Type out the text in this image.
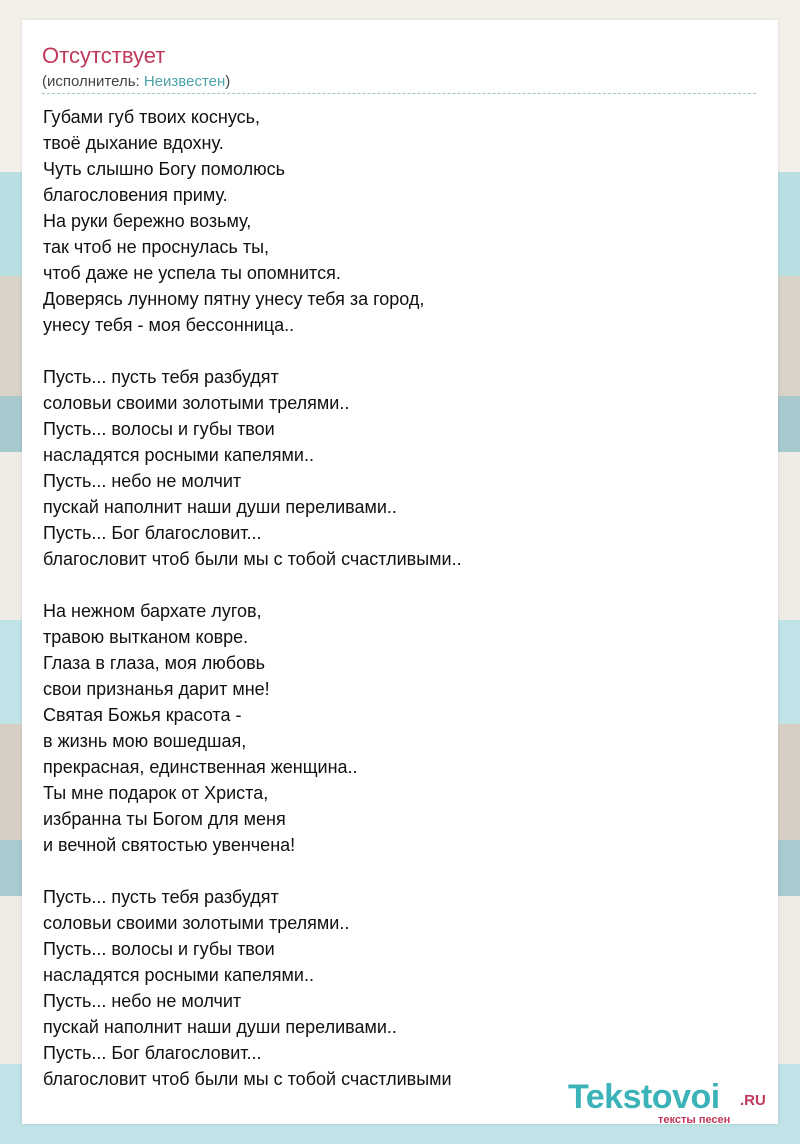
Отсутствует
(исполнитель: Неизвестен)
Губами губ твоих коснусь,
твоё дыхание вдохну.
Чуть слышно Богу помолюсь
благословения приму.
На руки бережно возьму,
так чтоб не проснулась ты,
чтоб даже не успела ты опомнится.
Доверясь лунному пятну унесу тебя за город,
унесу тебя - моя бессонница..
Пусть... пусть тебя разбудят
соловьи своими золотыми трелями..
Пусть... волосы и губы твои
насладятся росными капелями..
Пусть... небо не молчит
пускай наполнит наши души переливами..
Пусть... Бог благословит...
благословит чтоб были мы с тобой счастливыми..
На нежном бархате лугов,
травою вытканом ковре.
Глаза в глаза, моя любовь
свои признанья дарит мне!
Святая Божья красота -
в жизнь мою вошедшая,
прекрасная, единственная женщина..
Ты мне подарок от Христа,
избранна ты Богом для меня
и вечной святостью увенчена!
Пусть... пусть тебя разбудят
соловьи своими золотыми трелями..
Пусть... волосы и губы твои
насладятся росными капелями..
Пусть... небо не молчит
пускай наполнит наши души переливами..
Пусть... Бог благословит...
благословит чтоб были мы с тобой счастливыми	Tekstovoi .RU
тексты песен
